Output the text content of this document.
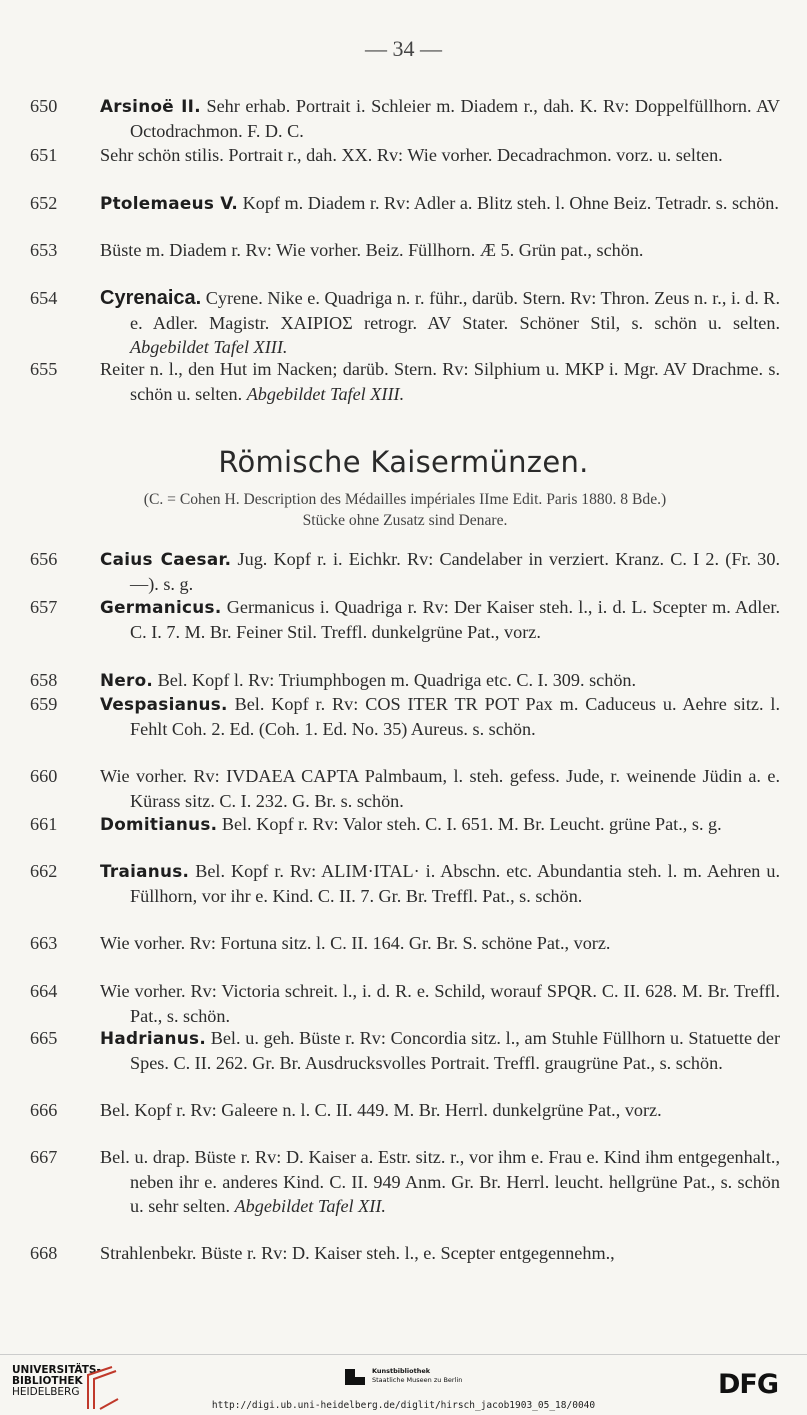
— 34 —
650	Arsinoë II. Sehr erhab. Portrait i. Schleier m. Diadem r., dah. K. Rv: Doppelfüllhorn. AV Octodrachmon. F. D. C.
651	Sehr schön stilis. Portrait r., dah. XX. Rv: Wie vorher. Decadrachmon. vorz. u. selten.
652	Ptolemaeus V. Kopf m. Diadem r. Rv: Adler a. Blitz steh. l. Ohne Beiz. Tetradr. s. schön.
653	Büste m. Diadem r. Rv: Wie vorher. Beiz. Füllhorn. Æ 5. Grün pat., schön.
654	Cyrenaica. Cyrene. Nike e. Quadriga n. r. führ., darüb. Stern. Rv: Thron. Zeus n. r., i. d. R. e. Adler. Magistr. ΧΑΙΡΙΟΣ retrogr. AV Stater. Schöner Stil, s. schön u. selten. Abgebildet Tafel XIII.
655	Reiter n. l., den Hut im Nacken; darüb. Stern. Rv: Silphium u. MKP i. Mgr. AV Drachme. s. schön u. selten. Abgebildet Tafel XIII.
Römische Kaisermünzen.
(C. = Cohen H. Description des Médailles impériales IIme Edit. Paris 1880. 8 Bde.)
Stücke ohne Zusatz sind Denare.
656	Caius Caesar. Jug. Kopf r. i. Eichkr. Rv: Candelaber in verziert. Kranz. C. I 2. (Fr. 30.—). s. g.
657	Germanicus. Germanicus i. Quadriga r. Rv: Der Kaiser steh. l., i. d. L. Scepter m. Adler. C. I. 7. M. Br. Feiner Stil. Treffl. dunkelgrüne Pat., vorz.
658	Nero. Bel. Kopf l. Rv: Triumphbogen m. Quadriga etc. C. I. 309. schön.
659	Vespasianus. Bel. Kopf r. Rv: COS ITER TR POT Pax m. Caduceus u. Aehre sitz. l. Fehlt Coh. 2. Ed. (Coh. 1. Ed. No. 35) Aureus. s. schön.
660	Wie vorher. Rv: IVDAEA CAPTA Palmbaum, l. steh. gefess. Jude, r. weinende Jüdin a. e. Kürass sitz. C. I. 232. G. Br. s. schön.
661	Domitianus. Bel. Kopf r. Rv: Valor steh. C. I. 651. M. Br. Leucht. grüne Pat., s. g.
662	Traianus. Bel. Kopf r. Rv: ALIM·ITAL· i. Abschn. etc. Abundantia steh. l. m. Aehren u. Füllhorn, vor ihr e. Kind. C. II. 7. Gr. Br. Treffl. Pat., s. schön.
663	Wie vorher. Rv: Fortuna sitz. l. C. II. 164. Gr. Br. S. schöne Pat., vorz.
664	Wie vorher. Rv: Victoria schreit. l., i. d. R. e. Schild, worauf SPQR. C. II. 628. M. Br. Treffl. Pat., s. schön.
665	Hadrianus. Bel. u. geh. Büste r. Rv: Concordia sitz. l., am Stuhle Füllhorn u. Statuette der Spes. C. II. 262. Gr. Br. Ausdrucksvolles Portrait. Treffl. graugrüne Pat., s. schön.
666	Bel. Kopf r. Rv: Galeere n. l. C. II. 449. M. Br. Herrl. dunkelgrüne Pat., vorz.
667	Bel. u. drap. Büste r. Rv: D. Kaiser a. Estr. sitz. r., vor ihm e. Frau e. Kind ihm entgegenhalt., neben ihr e. anderes Kind. C. II. 949 Anm. Gr. Br. Herrl. leucht. hellgrüne Pat., s. schön u. sehr selten. Abgebildet Tafel XII.
668	Strahlenbekr. Büste r. Rv: D. Kaiser steh. l., e. Scepter entgegennehm.,
UNIVERSITÄTS-
BIBLIOTHEK
HEIDELBERG
Kunstbibliothek
Staatliche Museen zu Berlin	DFG
http://digi.ub.uni-heidelberg.de/diglit/hirsch_jacob1903_05_18/0040
